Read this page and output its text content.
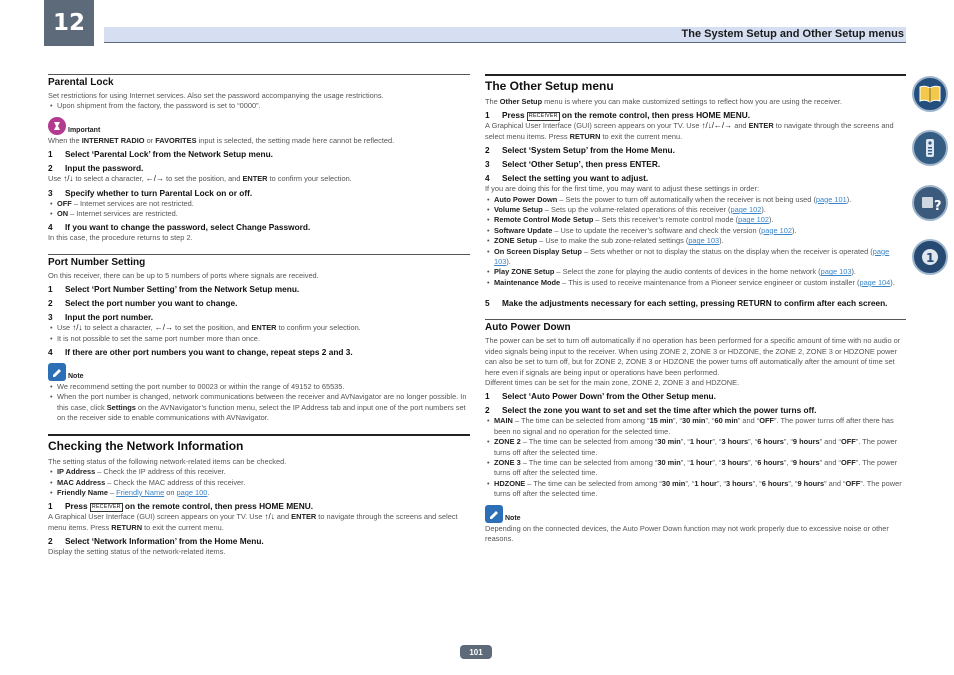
12	The System Setup and Other Setup menus
Parental Lock
Set restrictions for using Internet services. Also set the password accompanying the usage restrictions.
• Upon shipment from the factory, the password is set to “0000”.
Important
When the INTERNET RADIO or FAVORITES input is selected, the setting made here cannot be reflected.
1	Select ‘Parental Lock’ from the Network Setup menu.
2	Input the password.
Use ↑/↓ to select a character, ←/→ to set the position, and ENTER to confirm your selection.
3	Specify whether to turn Parental Lock on or off.
• OFF – Internet services are not restricted.
• ON – Internet services are restricted.
4	If you want to change the password, select Change Password.
In this case, the procedure returns to step 2.
Port Number Setting
On this receiver, there can be up to 5 numbers of ports where signals are received.
1	Select ‘Port Number Setting’ from the Network Setup menu.
2	Select the port number you want to change.
3	Input the port number.
• Use ↑/↓ to select a character, ←/→ to set the position, and ENTER to confirm your selection.
• It is not possible to set the same port number more than once.
4	If there are other port numbers you want to change, repeat steps 2 and 3.
Note
• We recommend setting the port number to 00023 or within the range of 49152 to 65535.
• When the port number is changed, network communications between the receiver and AVNavigator are no longer possible. In this case, click Settings on the AVNavigator’s function menu, select the IP Address tab and input one of the port numbers set on the receiver side to enable communications with AVNavigator.
Checking the Network Information
The setting status of the following network-related items can be checked.
• IP Address – Check the IP address of this receiver.
• MAC Address – Check the MAC address of this receiver.
• Friendly Name – Friendly Name on page 100.
1	Press RECEIVER on the remote control, then press HOME MENU.
A Graphical User Interface (GUI) screen appears on your TV. Use ↑/↓ and ENTER to navigate through the screens and select menu items. Press RETURN to exit the current menu.
2	Select ‘Network Information’ from the Home Menu.
Display the setting status of the network-related items.
The Other Setup menu
The Other Setup menu is where you can make customized settings to reflect how you are using the receiver.
1	Press RECEIVER on the remote control, then press HOME MENU.
A Graphical User Interface (GUI) screen appears on your TV. Use ↑/↓/←/→ and ENTER to navigate through the screens and select menu items. Press RETURN to exit the current menu.
2	Select ‘System Setup’ from the Home Menu.
3	Select ‘Other Setup’, then press ENTER.
4	Select the setting you want to adjust.
If you are doing this for the first time, you may want to adjust these settings in order:
• Auto Power Down – Sets the power to turn off automatically when the receiver is not being used (page 101).
• Volume Setup – Sets up the volume-related operations of this receiver (page 102).
• Remote Control Mode Setup – Sets this receiver’s remote control mode (page 102).
• Software Update – Use to update the receiver’s software and check the version (page 102).
• ZONE Setup – Use to make the sub zone-related settings (page 103).
• On Screen Display Setup – Sets whether or not to display the status on the display when the receiver is operated (page 103).
• Play ZONE Setup – Select the zone for playing the audio contents of devices in the home network (page 103).
• Maintenance Mode – This is used to receive maintenance from a Pioneer service engineer or custom installer (page 104).
5	Make the adjustments necessary for each setting, pressing RETURN to confirm after each screen.
Auto Power Down
The power can be set to turn off automatically if no operation has been performed for a specific amount of time with no audio or video signals being input to the receiver. When using ZONE 2, ZONE 3 or HDZONE, the ZONE 2, ZONE 3 or HDZONE power can also be set to turn off, but for ZONE 2, ZONE 3 or HDZONE the power turns off automatically after the amount of time set here even if signals are being input or operations have been performed.
Different times can be set for the main zone, ZONE 2, ZONE 3 and HDZONE.
1	Select ‘Auto Power Down’ from the Other Setup menu.
2	Select the zone you want to set and set the time after which the power turns off.
• MAIN – The time can be selected from among “15 min”, “30 min”, “60 min” and “OFF”. The power turns off after there has been no signal and no operation for the selected time.
• ZONE 2 – The time can be selected from among “30 min”, “1 hour”, “3 hours”, “6 hours”, “9 hours” and “OFF”. The power turns off after the selected time.
• ZONE 3 – The time can be selected from among “30 min”, “1 hour”, “3 hours”, “6 hours”, “9 hours” and “OFF”. The power turns off after the selected time.
• HDZONE – The time can be selected from among “30 min”, “1 hour”, “3 hours”, “6 hours”, “9 hours” and “OFF”. The power turns off after the selected time.
Note
Depending on the connected devices, the Auto Power Down function may not work properly due to excessive noise or other reasons.
?
1
101
